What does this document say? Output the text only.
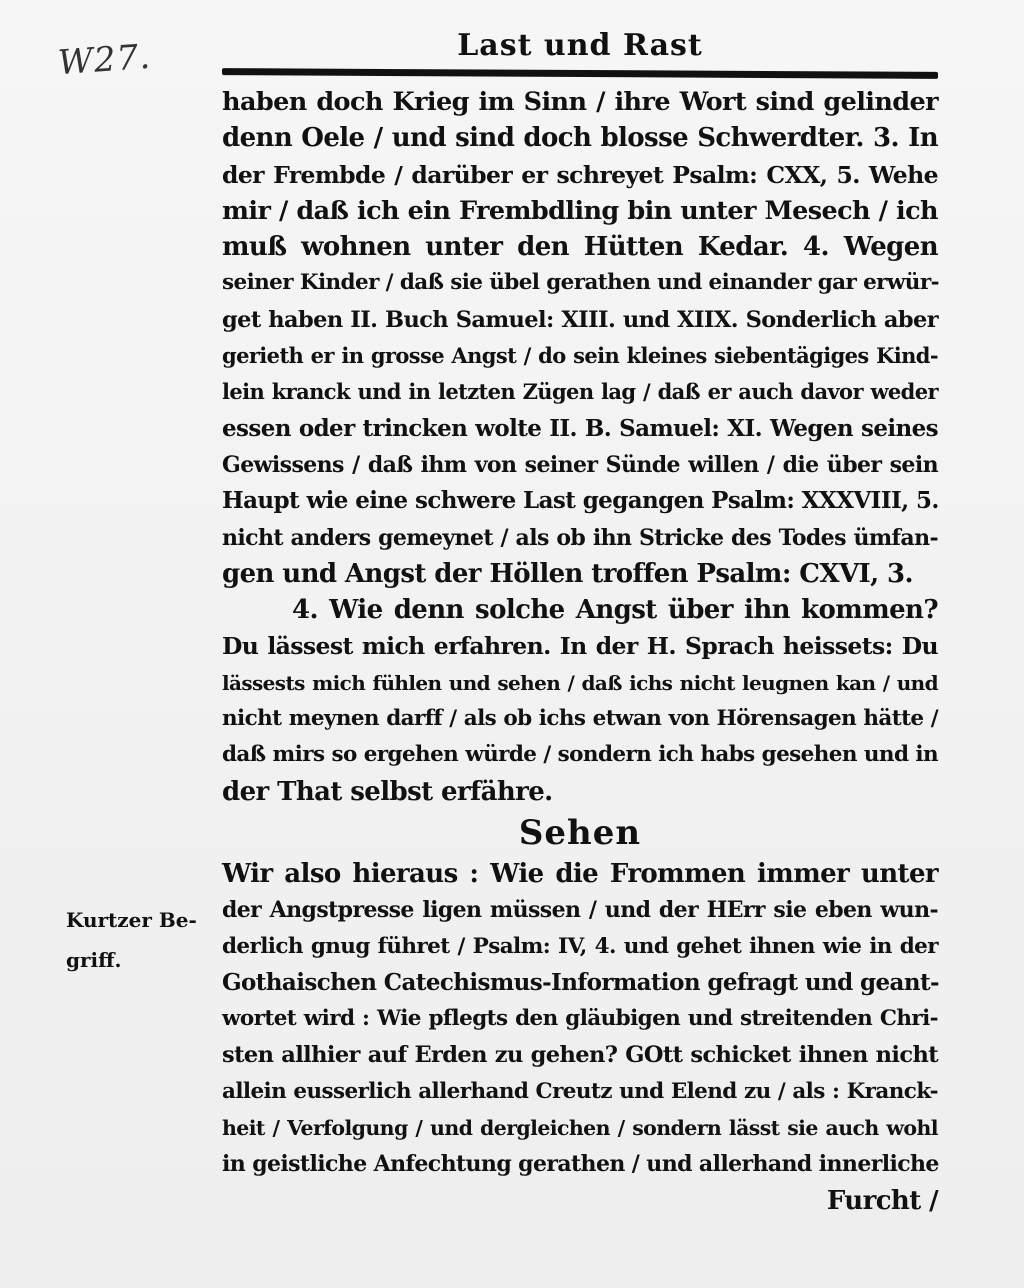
W27.	Last und Rast
haben doch Krieg im Sinn / ihre Wort sind gelinder
denn Oele / und sind doch blosse Schwerdter. 3. In
der Frembde / darüber er schreyet Psalm: CXX, 5. Wehe
mir / daß ich ein Frembdling bin unter Mesech / ich
muß wohnen unter den Hütten Kedar. 4. Wegen
seiner Kinder / daß sie übel gerathen und einander gar erwür-
get haben II. Buch Samuel: XIII. und XIIX. Sonderlich aber
gerieth er in grosse Angst / do sein kleines siebentägiges Kind-
lein kranck und in letzten Zügen lag / daß er auch davor weder
essen oder trincken wolte II. B. Samuel: XI. Wegen seines
Gewissens / daß ihm von seiner Sünde willen / die über sein
Haupt wie eine schwere Last gegangen Psalm: XXXVIII, 5.
nicht anders gemeynet / als ob ihn Stricke des Todes ümfan-
gen und Angst der Höllen troffen Psalm: CXVI, 3.
4. Wie denn solche Angst über ihn kommen?
Du lässest mich erfahren. In der H. Sprach heissets: Du
lässests mich fühlen und sehen / daß ichs nicht leugnen kan / und
nicht meynen darff / als ob ichs etwan von Hörensagen hätte /
daß mirs so ergehen würde / sondern ich habs gesehen und in
der That selbst erfähre.
Sehen
Wir also hieraus : Wie die Frommen immer unter
der Angstpresse ligen müssen / und der HErr sie eben wun-
derlich gnug führet / Psalm: IV, 4. und gehet ihnen wie in der
Gothaischen Catechismus-Information gefragt und geant-
wortet wird : Wie pflegts den gläubigen und streitenden Chri-
sten allhier auf Erden zu gehen? GOtt schicket ihnen nicht
allein eusserlich allerhand Creutz und Elend zu / als : Kranck-
heit / Verfolgung / und dergleichen / sondern lässt sie auch wohl
in geistliche Anfechtung gerathen / und allerhand innerliche
Furcht /
Kurtzer Be-
griff.
